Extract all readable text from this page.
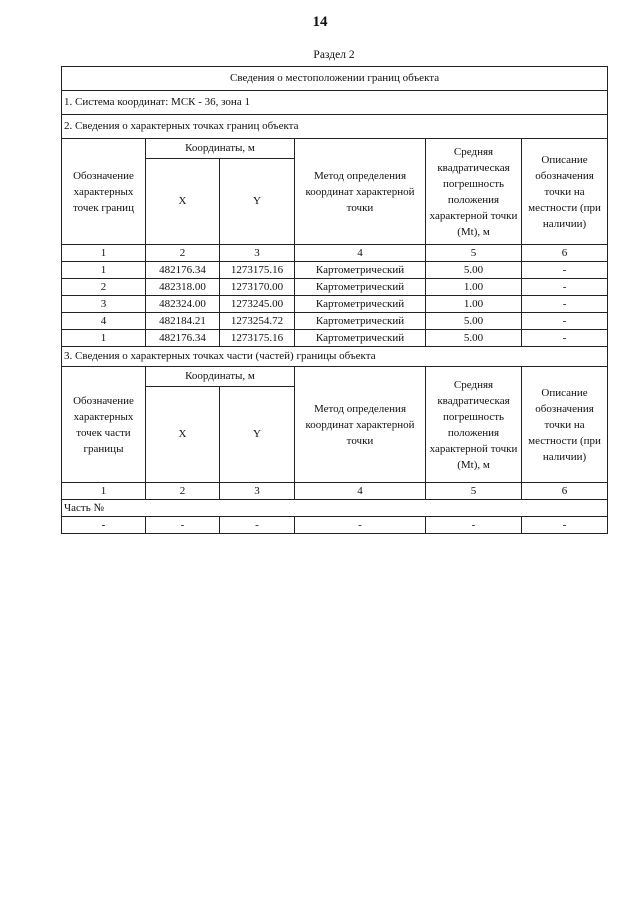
14
Раздел 2
Сведения о местоположении границ объекта					
1. Система координат: МСК - 36, зона 1					
2. Сведения о характерных точках границ объекта					
Обозначение характерных точек границ	Координаты, м		Метод определения координат характерной точки	Средняя квадратическая погрешность положения характерной точки (Mt), м	Описание обозначения точки на местности (при наличии)
	X	Y			
1	2	3	4	5	6
1	482176.34	1273175.16	Картометрический	5.00	-
2	482318.00	1273170.00	Картометрический	1.00	-
3	482324.00	1273245.00	Картометрический	1.00	-
4	482184.21	1273254.72	Картометрический	5.00	-
1	482176.34	1273175.16	Картометрический	5.00	-
3. Сведения о характерных точках части (частей) границы объекта					
Обозначение характерных точек части границы	Координаты, м		Метод определения координат характерной точки	Средняя квадратическая погрешность положения характерной точки (Mt), м	Описание обозначения точки на местности (при наличии)
	X	Y			
1	2	3	4	5	6
Часть №					
-	-	-	-	-	-
